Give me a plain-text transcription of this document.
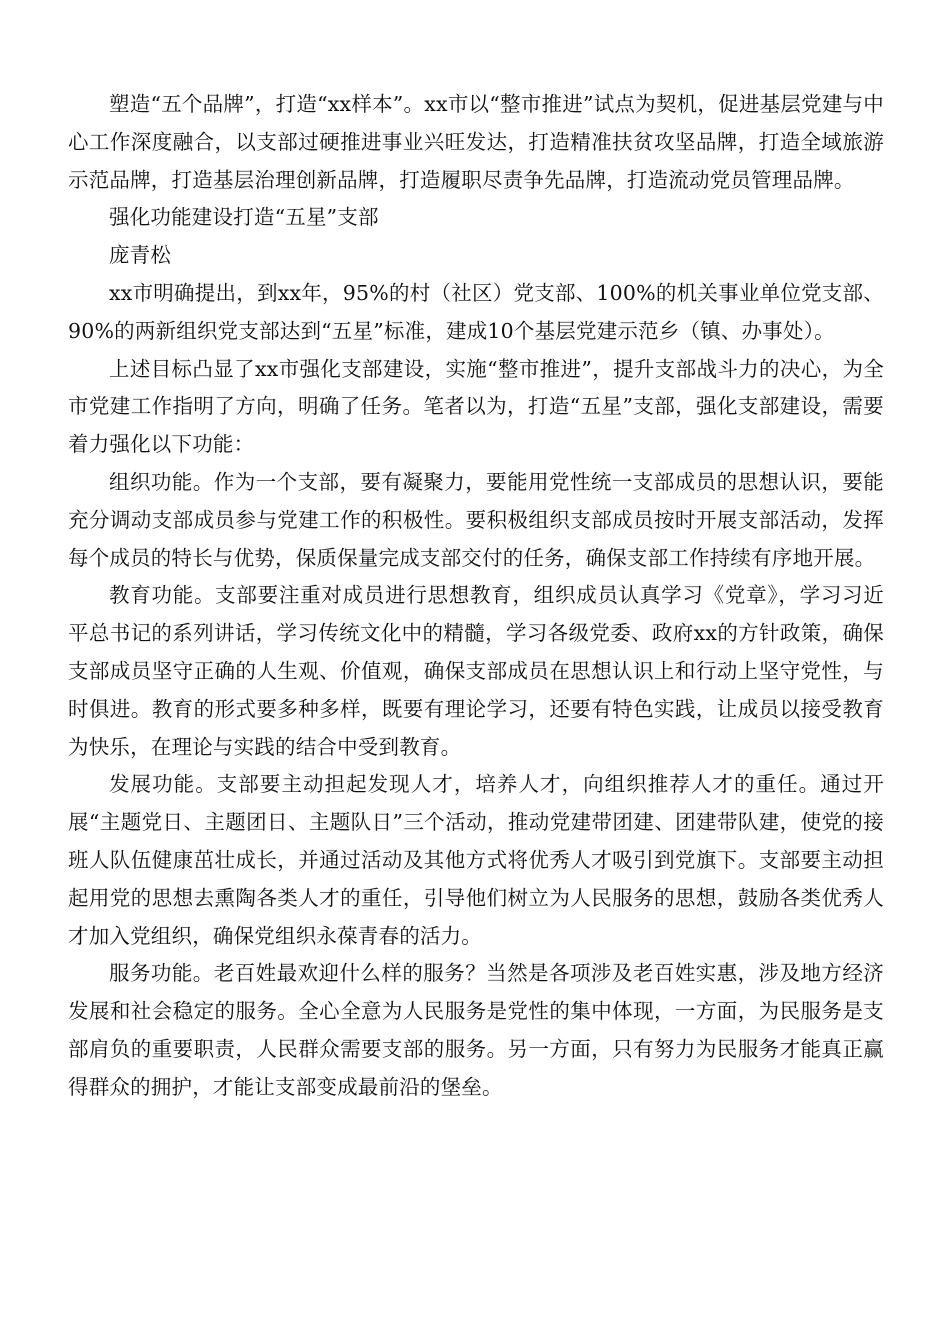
塑造“五个品牌”，打造“xx样本”。xx市以“整市推进”试点为契机，促进基层党建与中心工作深度融合，以支部过硬推进事业兴旺发达，打造精准扶贫攻坚品牌，打造全域旅游示范品牌，打造基层治理创新品牌，打造履职尽责争先品牌，打造流动党员管理品牌。

强化功能建设打造“五星”支部

庞青松

xx市明确提出，到xx年，95%的村（社区）党支部、100%的机关事业单位党支部、90%的两新组织党支部达到“五星”标准，建成10个基层党建示范乡（镇、办事处）。

上述目标凸显了xx市强化支部建设，实施“整市推进”，提升支部战斗力的决心，为全市党建工作指明了方向，明确了任务。笔者以为，打造“五星”支部，强化支部建设，需要着力强化以下功能：

组织功能。作为一个支部，要有凝聚力，要能用党性统一支部成员的思想认识，要能充分调动支部成员参与党建工作的积极性。要积极组织支部成员按时开展支部活动，发挥每个成员的特长与优势，保质保量完成支部交付的任务，确保支部工作持续有序地开展。

教育功能。支部要注重对成员进行思想教育，组织成员认真学习《党章》，学习习近平总书记的系列讲话，学习传统文化中的精髓，学习各级党委、政府xx的方针政策，确保支部成员坚守正确的人生观、价值观，确保支部成员在思想认识上和行动上坚守党性，与时俱进。教育的形式要多种多样，既要有理论学习，还要有特色实践，让成员以接受教育为快乐，在理论与实践的结合中受到教育。

发展功能。支部要主动担起发现人才，培养人才，向组织推荐人才的重任。通过开展“主题党日、主题团日、主题队日”三个活动，推动党建带团建、团建带队建，使党的接班人队伍健康茁壮成长，并通过活动及其他方式将优秀人才吸引到党旗下。支部要主动担起用党的思想去熏陶各类人才的重任，引导他们树立为人民服务的思想，鼓励各类优秀人才加入党组织，确保党组织永葆青春的活力。

服务功能。老百姓最欢迎什么样的服务？当然是各项涉及老百姓实惠，涉及地方经济发展和社会稳定的服务。全心全意为人民服务是党性的集中体现，一方面，为民服务是支部肩负的重要职责，人民群众需要支部的服务。另一方面，只有努力为民服务才能真正赢得群众的拥护，才能让支部变成最前沿的堡垒。
